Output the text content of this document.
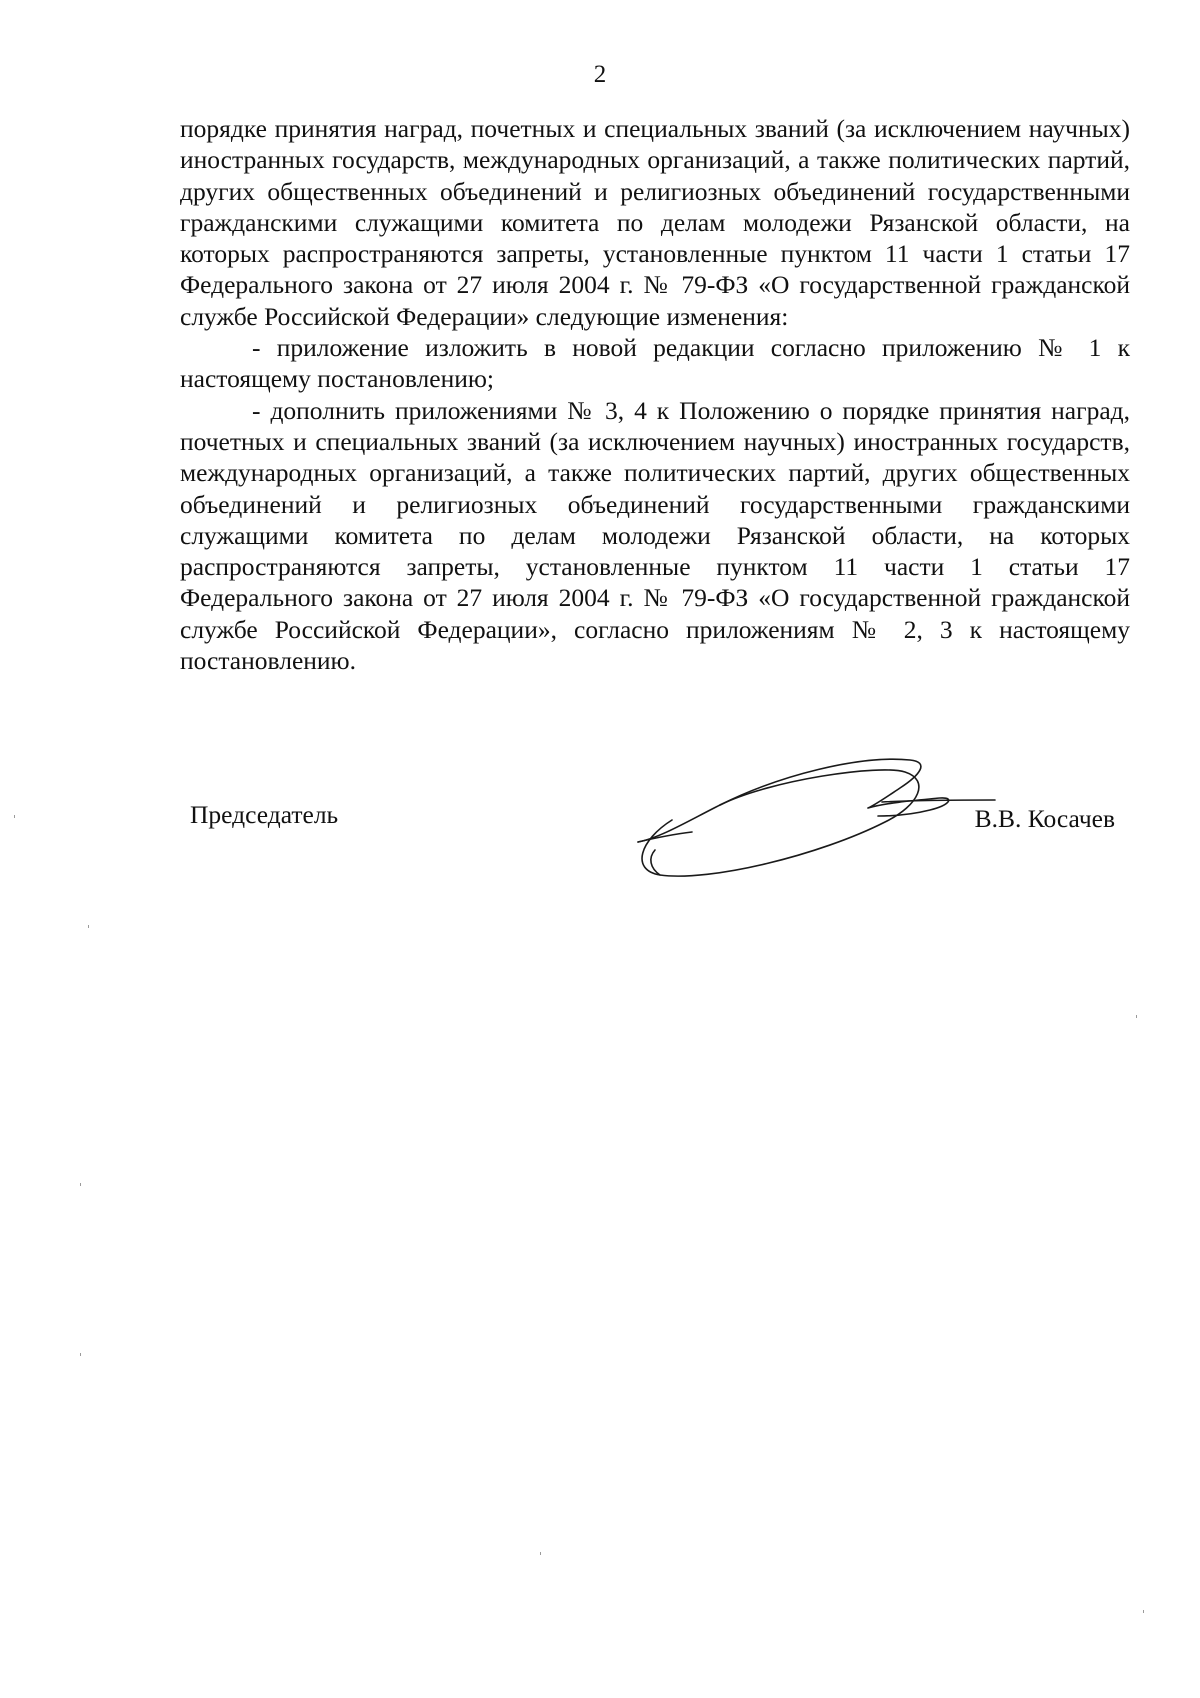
2

порядке принятия наград, почетных и специальных званий (за исключением научных) иностранных государств, международных организаций, а также политических партий, других общественных объединений и религиозных объединений государственными гражданскими служащими комитета по делам молодежи Рязанской области, на которых распространяются запреты, установленные пунктом 11 части 1 статьи 17 Федерального закона от 27 июля 2004 г. № 79-ФЗ «О государственной гражданской службе Российской Федерации» следующие изменения:

- приложение изложить в новой редакции согласно приложению № 1 к настоящему постановлению;

- дополнить приложениями № 3, 4 к Положению о порядке принятия наград, почетных и специальных званий (за исключением научных) иностранных государств, международных организаций, а также политических партий, других общественных объединений и религиозных объединений государственными гражданскими служащими комитета по делам молодежи Рязанской области, на которых распространяются запреты, установленные пунктом 11 части 1 статьи 17 Федерального закона от 27 июля 2004 г. № 79-ФЗ «О государственной гражданской службе Российской Федерации», согласно приложениям № 2, 3 к настоящему постановлению.

Председатель	В.В. Косачев
